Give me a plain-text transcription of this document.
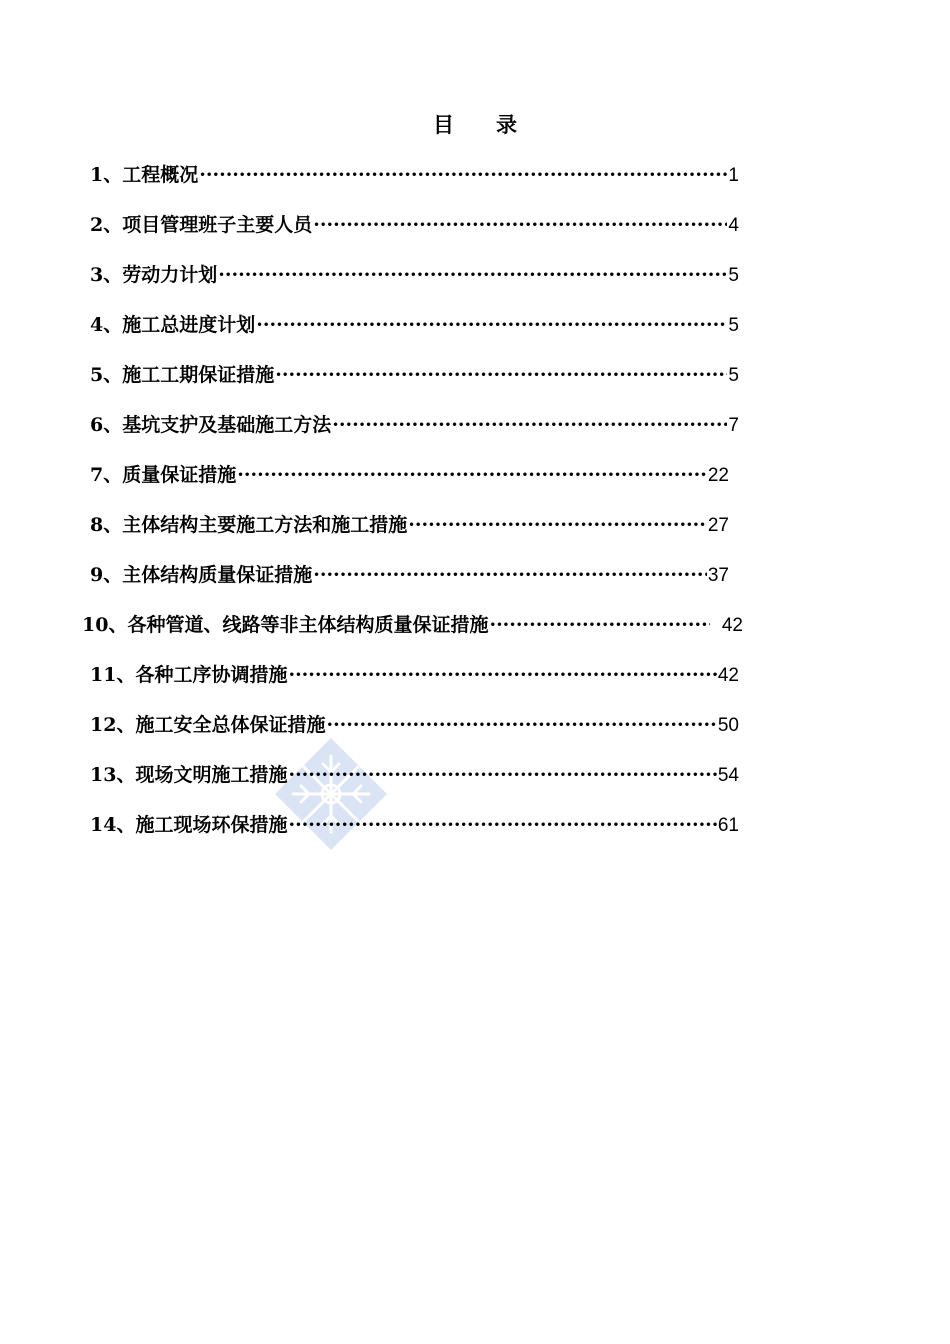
目　　录
1、工程概况 ·····	1
2、项目管理班子主要人员 ·····	4
3、劳动力计划 ·····	5
4、施工总进度计划 ·····	5
5、施工工期保证措施 ·····	5
6、基坑支护及基础施工方法 ·····	7
7、质量保证措施 ·····	22
8、主体结构主要施工方法和施工措施 ·····	27
9、主体结构质量保证措施 ·····	37
10、各种管道、线路等非主体结构质量保证措施 ·····	42
11、各种工序协调措施 ·····	42
12、施工安全总体保证措施 ·····	50
13、现场文明施工措施 ·····	54
14、施工现场环保措施 ·····	61
